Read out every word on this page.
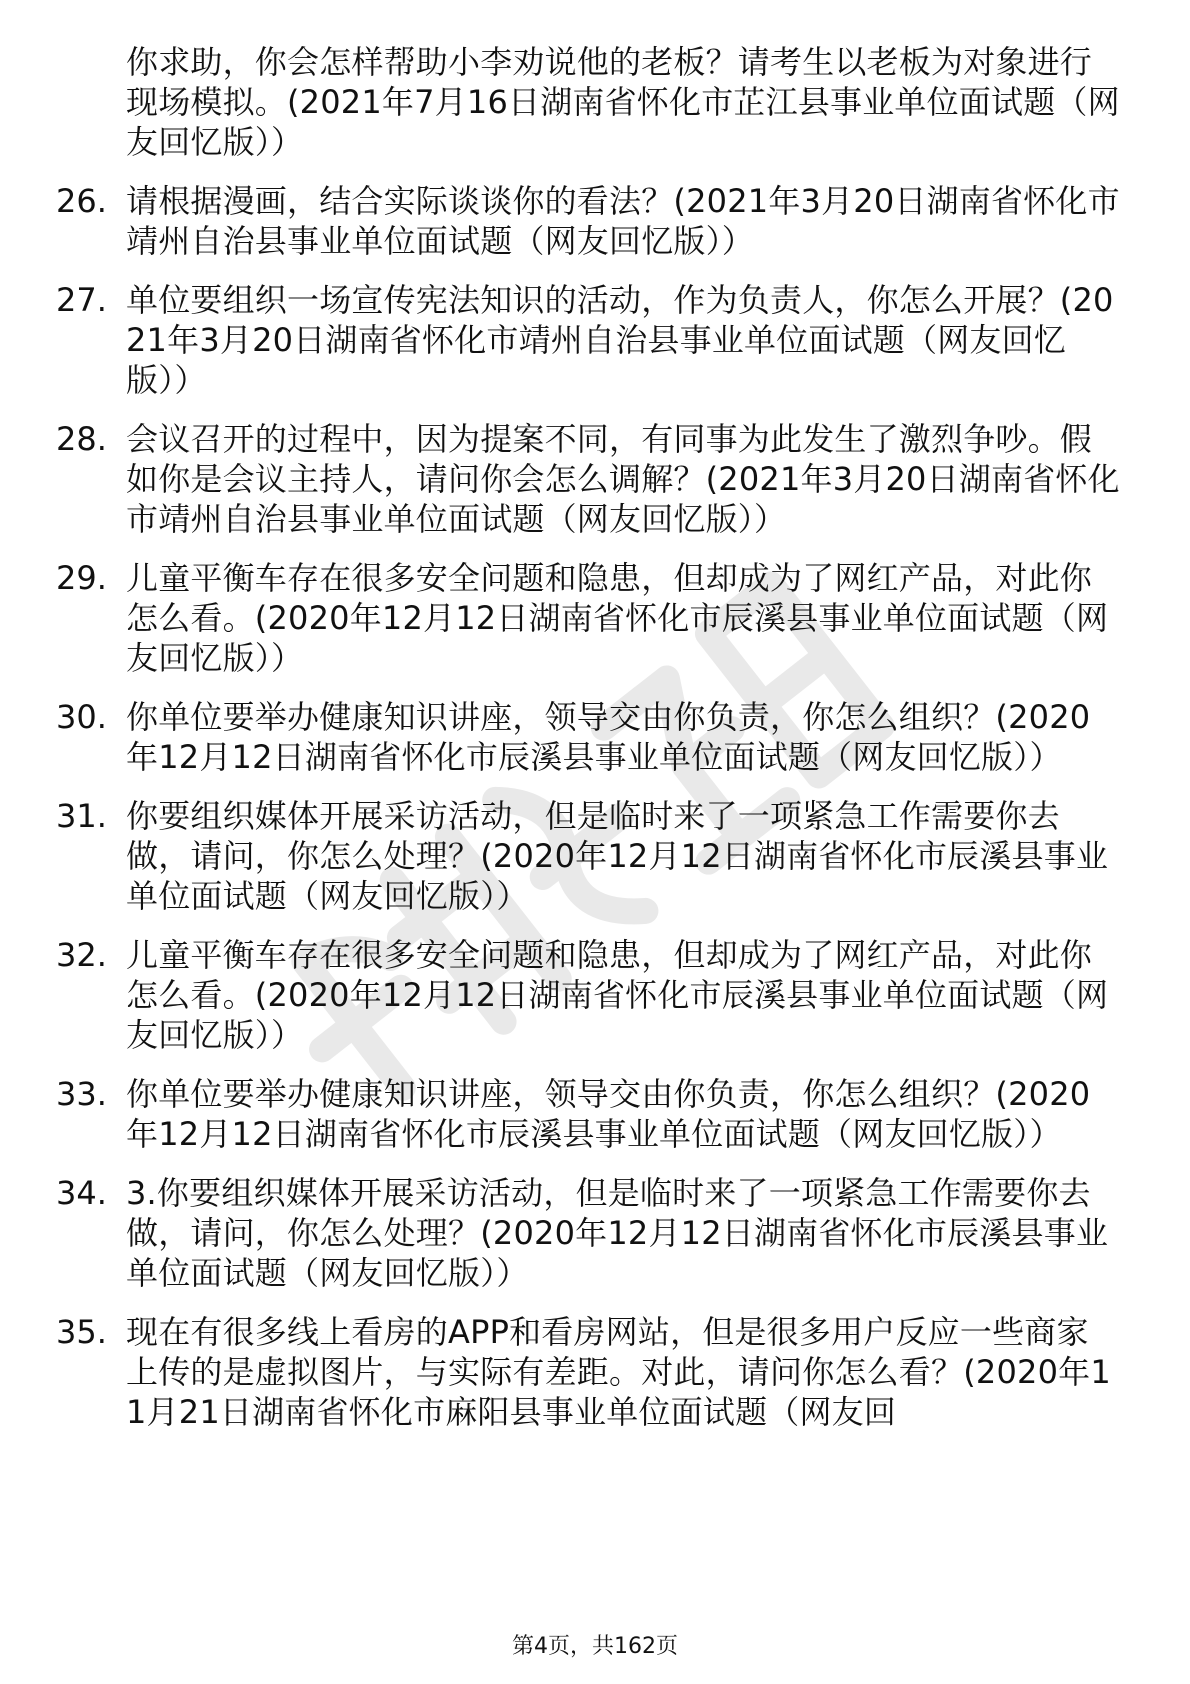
你求助，你会怎样帮助小李劝说他的老板？请考生以老板为对象进行现场模拟。(2021年7月16日湖南省怀化市芷江县事业单位面试题（网友回忆版））
26. 请根据漫画，结合实际谈谈你的看法？(2021年3月20日湖南省怀化市靖州自治县事业单位面试题（网友回忆版））
27. 单位要组织一场宣传宪法知识的活动，作为负责人，你怎么开展？(2021年3月20日湖南省怀化市靖州自治县事业单位面试题（网友回忆版））
28. 会议召开的过程中，因为提案不同，有同事为此发生了激烈争吵。假如你是会议主持人，请问你会怎么调解？(2021年3月20日湖南省怀化市靖州自治县事业单位面试题（网友回忆版））
29. 儿童平衡车存在很多安全问题和隐患，但却成为了网红产品，对此你怎么看。(2020年12月12日湖南省怀化市辰溪县事业单位面试题（网友回忆版））
30. 你单位要举办健康知识讲座，领导交由你负责，你怎么组织？(2020年12月12日湖南省怀化市辰溪县事业单位面试题（网友回忆版））
31. 你要组织媒体开展采访活动，但是临时来了一项紧急工作需要你去做，请问，你怎么处理？(2020年12月12日湖南省怀化市辰溪县事业单位面试题（网友回忆版））
32. 儿童平衡车存在很多安全问题和隐患，但却成为了网红产品，对此你怎么看。(2020年12月12日湖南省怀化市辰溪县事业单位面试题（网友回忆版））
33. 你单位要举办健康知识讲座，领导交由你负责，你怎么组织？(2020年12月12日湖南省怀化市辰溪县事业单位面试题（网友回忆版））
34. 3.你要组织媒体开展采访活动，但是临时来了一项紧急工作需要你去做，请问，你怎么处理？(2020年12月12日湖南省怀化市辰溪县事业单位面试题（网友回忆版））
35. 现在有很多线上看房的APP和看房网站，但是很多用户反应一些商家上传的是虚拟图片，与实际有差距。对此，请问你怎么看？(2020年11月21日湖南省怀化市麻阳县事业单位面试题（网友回
第4页，共162页
